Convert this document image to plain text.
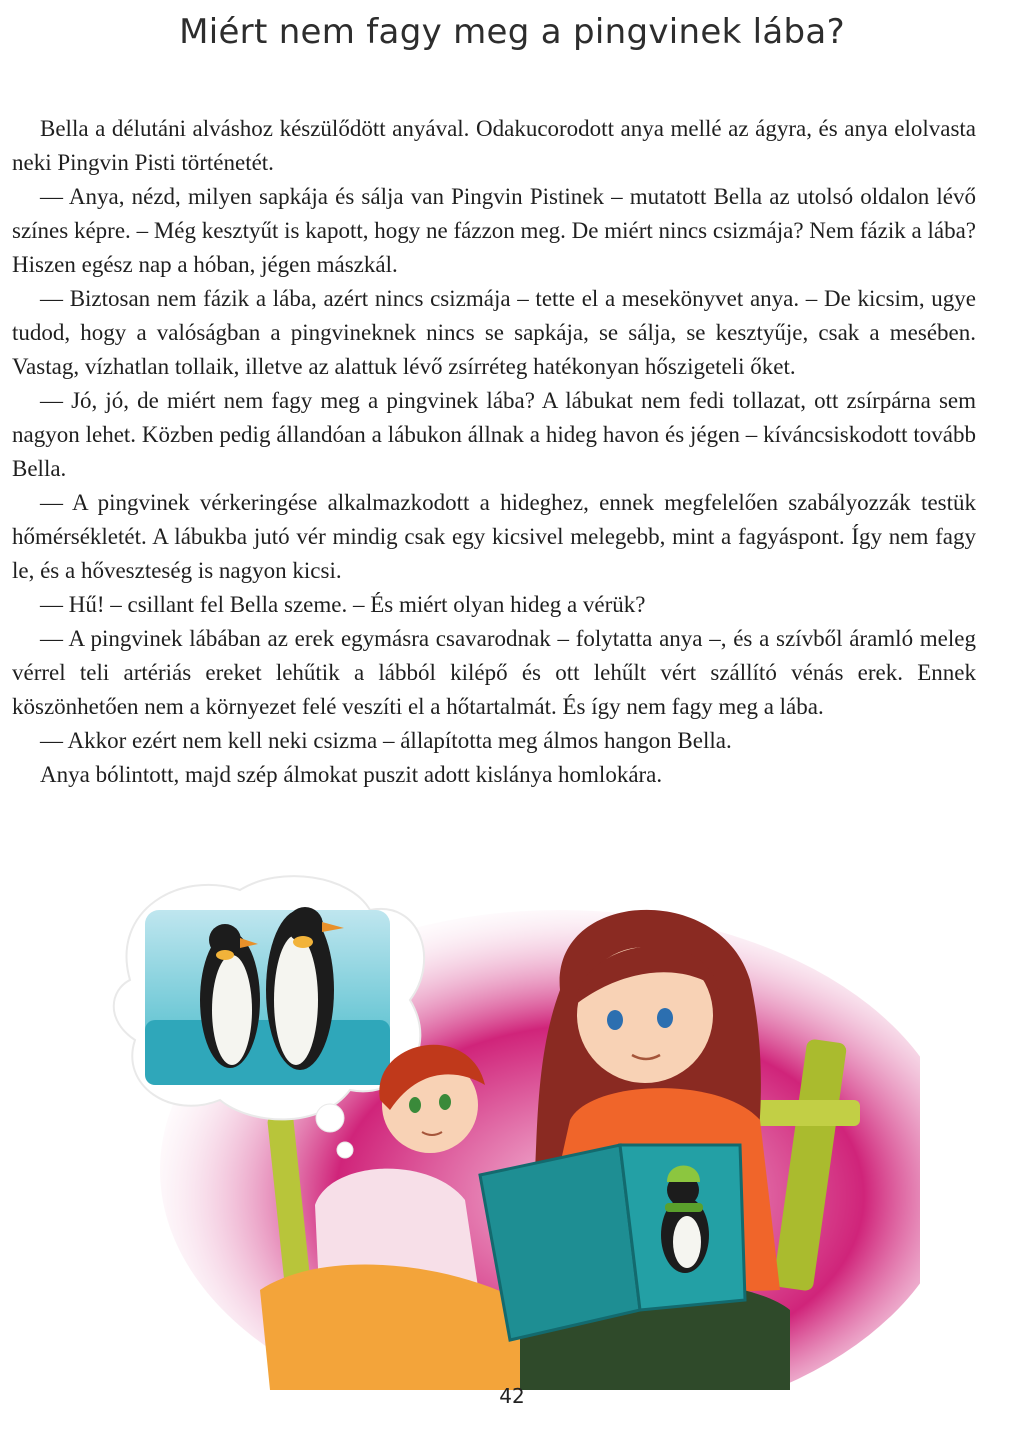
Miért nem fagy meg a pingvinek lába?

Bella a délutáni alváshoz készülődött anyával. Odakucorodott anya mellé az ágyra, és anya elolvasta neki Pingvin Pisti történetét.

— Anya, nézd, milyen sapkája és sálja van Pingvin Pistinek – mutatott Bella az utolsó oldalon lévő színes képre. – Még kesztyűt is kapott, hogy ne fázzon meg. De miért nincs csizmája? Nem fázik a lába? Hiszen egész nap a hóban, jégen mászkál.

— Biztosan nem fázik a lába, azért nincs csizmája – tette el a mesekönyvet anya. – De kicsim, ugye tudod, hogy a valóságban a pingvineknek nincs se sapkája, se sálja, se kesztyűje, csak a mesében. Vastag, vízhatlan tollaik, illetve az alattuk lévő zsírréteg hatékonyan hőszigeteli őket.

— Jó, jó, de miért nem fagy meg a pingvinek lába? A lábukat nem fedi tollazat, ott zsírpárna sem nagyon lehet. Közben pedig állandóan a lábukon állnak a hideg havon és jégen – kíváncsiskodott tovább Bella.

— A pingvinek vérkeringése alkalmazkodott a hideghez, ennek megfelelően szabályozzák testük hőmérsékletét. A lábukba jutó vér mindig csak egy kicsivel melegebb, mint a fagyáspont. Így nem fagy le, és a hőveszteség is nagyon kicsi.

— Hű! – csillant fel Bella szeme. – És miért olyan hideg a vérük?

— A pingvinek lábában az erek egymásra csavarodnak – folytatta anya –, és a szívből áramló meleg vérrel teli artériás ereket lehűtik a lábból kilépő és ott lehűlt vért szállító vénás erek. Ennek köszönhetően nem a környezet felé veszíti el a hőtartalmát. És így nem fagy meg a lába.

— Akkor ezért nem kell neki csizma – állapította meg álmos hangon Bella.

Anya bólintott, majd szép álmokat puszit adott kislánya homlokára.

42
